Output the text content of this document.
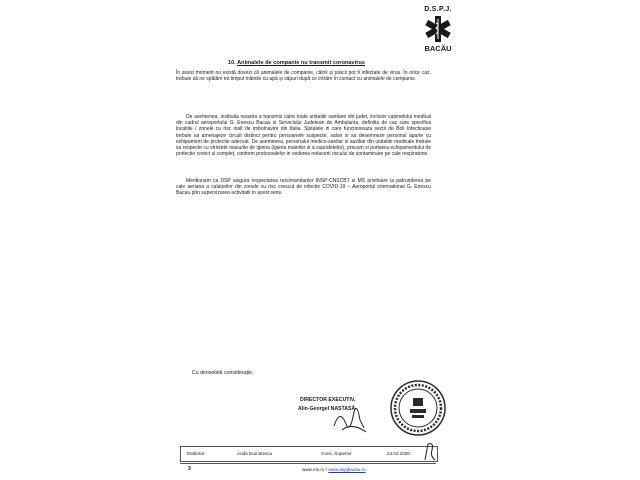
D.S.P.J.
BACĂU
10. Animalele de companie nu transmit coronavirus
În acest moment nu există dovezi că animalele de companie, câinii și pisicii pot fi infectate de virus. În orice caz, trebuie să ne spălăm tot timpul mâinile cu apă și săpun după ce intrăm în contact cu animalele de companie.
De asemenea, institutia noastra a transmis catre toate unitatile sanitare din judet, inclusiv cabinetului medical din cadrul aeroportului G. Enescu Bacau si Serviciului Judetean de Ambulanta, definitia de caz care specifica locatiile / zonele cu risc inalt de imbolnavire din Italia. Spitalele in care functioneaza sectii de Boli Infectioase trebuie sa amenajeze circuit distinct pentru persoanele suspecte, salon si sa desemneze personal aparte cu echipament de protectie adecvat. De asemenea, personalul medico-sanitar si auxiliar din unitatile medicale trebuie sa respecte cu strictete masurile de igiena (igiena mainilor si a suprafetelor), precum si purtarea echipamentului de protectie corect si complet, conform protocoalelor in vederea reducerii riscului de contaminare pe cale respiratorie.
Mentionam ca DSP asigura respectarea recomandarilor INSP-CNSCBT si MS privitoare la patrunderea pe cale aeriana a calatorilor din zonele cu risc crescut de infectie COVID-19 – Aeroportul international G. Enescu Bacau prin supervizarea activitatii in acest sens.
Cu deosebită considerație,
DIRECTOR EXECUTIV,
Alin-Georgel NASTASĂ
Elaborat	Anda Dumitrescu	Cons. Superior	24.02.2020
3	www.ms.ro / www.aspjbacau.ro
